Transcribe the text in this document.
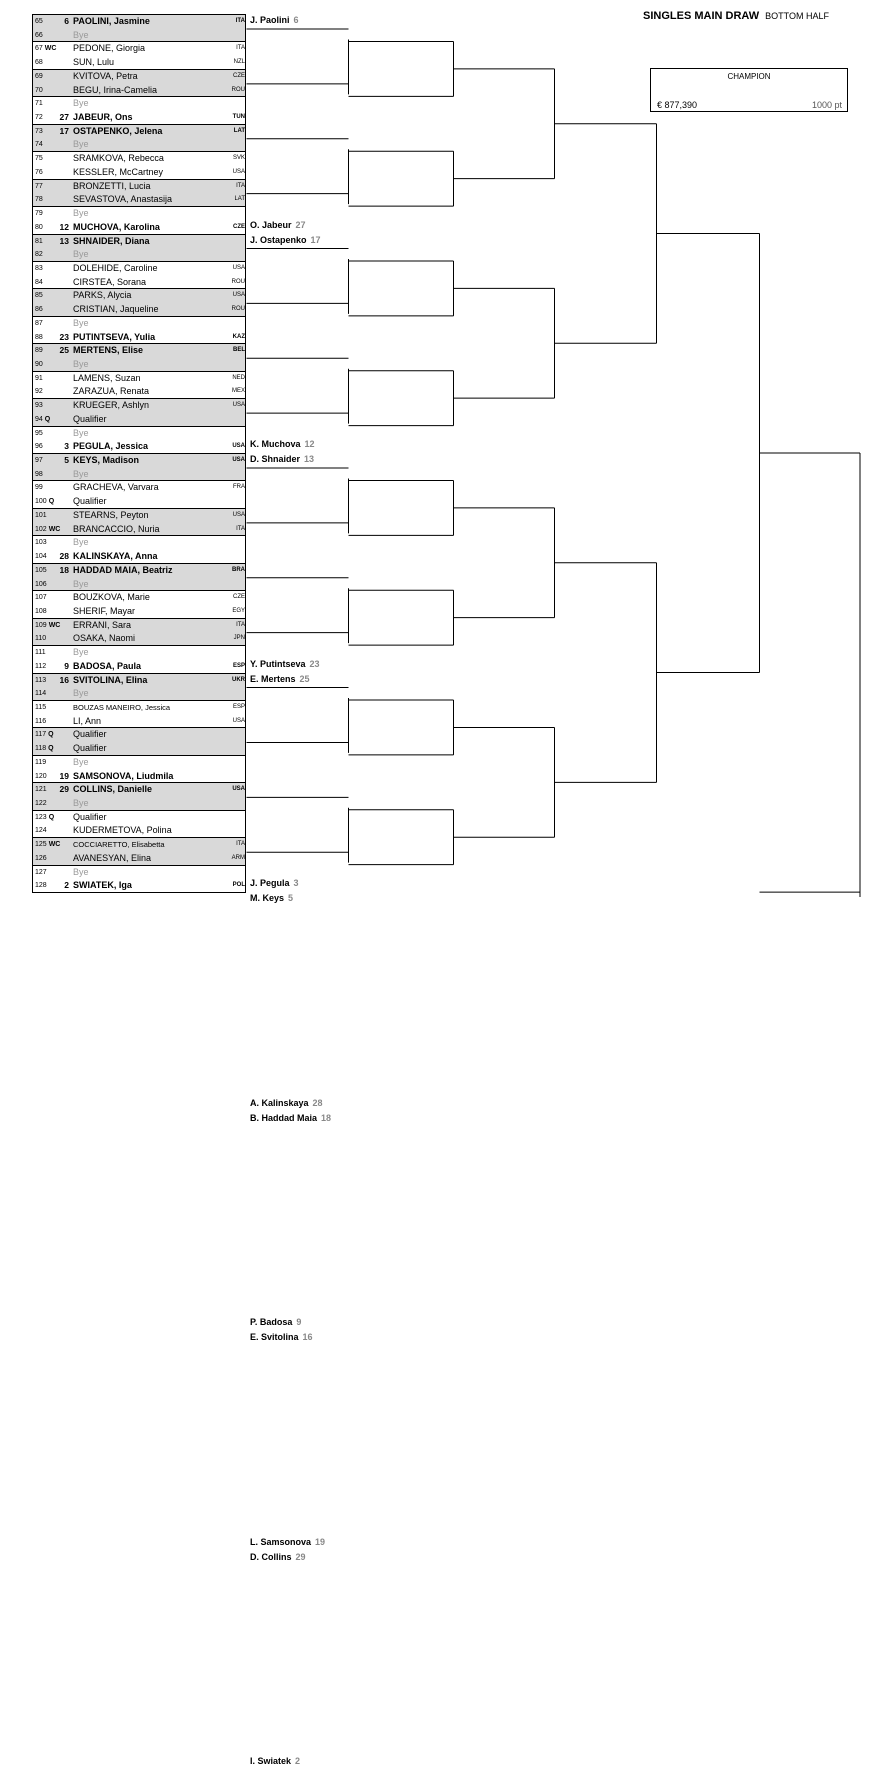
SINGLES MAIN DRAW BOTTOM HALF
CHAMPION
€ 877,390	1000 pt
65	6 PAOLINI, Jasmine	ITA
66	Bye
67 WC PEDONE, Giorgia	ITA
68	SUN, Lulu	NZL
69	KVITOVA, Petra	CZE
70	BEGU, Irina-Camelia	ROU
71	Bye
72	27 JABEUR, Ons	TUN
73	17 OSTAPENKO, Jelena	LAT
74	Bye
75	SRAMKOVA, Rebecca	SVK
76	KESSLER, McCartney	USA
77	BRONZETTI, Lucia	ITA
78	SEVASTOVA, Anastasija	LAT
79	Bye
80	12 MUCHOVA, Karolina	CZE
81	13 SHNAIDER, Diana
82	Bye
83	DOLEHIDE, Caroline	USA
84	CIRSTEA, Sorana	ROU
85	PARKS, Alycia	USA
86	CRISTIAN, Jaqueline	ROU
87	Bye
88	23 PUTINTSEVA, Yulia	KAZ
89	25 MERTENS, Elise	BEL
90	Bye
91	LAMENS, Suzan	NED
92	ZARAZUA, Renata	MEX
93	KRUEGER, Ashlyn	USA
94 Q	Qualifier
95	Bye
96	3 PEGULA, Jessica	USA
97	5 KEYS, Madison	USA
98	Bye
99	GRACHEVA, Varvara	FRA
100 Q Qualifier
101	STEARNS, Peyton	USA
102 WC BRANCACCIO, Nuria	ITA
103	Bye
104	28 KALINSKAYA, Anna
105	18 HADDAD MAIA, Beatriz	BRA
106	Bye
107	BOUZKOVA, Marie	CZE
108	SHERIF, Mayar	EGY
109 WC ERRANI, Sara	ITA
110	OSAKA, Naomi	JPN
111	Bye
112	9 BADOSA, Paula	ESP
113	16 SVITOLINA, Elina	UKR
114	Bye
115	BOUZAS MANEIRO, Jessica	ESP
116	LI, Ann	USA
117 Q Qualifier
118 Q Qualifier
119	Bye
120	19 SAMSONOVA, Liudmila
121	29 COLLINS, Danielle	USA
122	Bye
123 Q Qualifier
124	KUDERMETOVA, Polina
125 WC COCCIARETTO, Elisabetta	ITA
126	AVANESYAN, Elina	ARM
127	Bye
128	2 SWIATEK, Iga	POL
J. Paolini 6
O. Jabeur 27
J. Ostapenko 17
K. Muchova 12
D. Shnaider 13
Y. Putintseva 23
E. Mertens 25
J. Pegula 3
M. Keys 5
A. Kalinskaya 28
B. Haddad Maia 18
P. Badosa 9
E. Svitolina 16
L. Samsonova 19
D. Collins 29
I. Swiatek 2
